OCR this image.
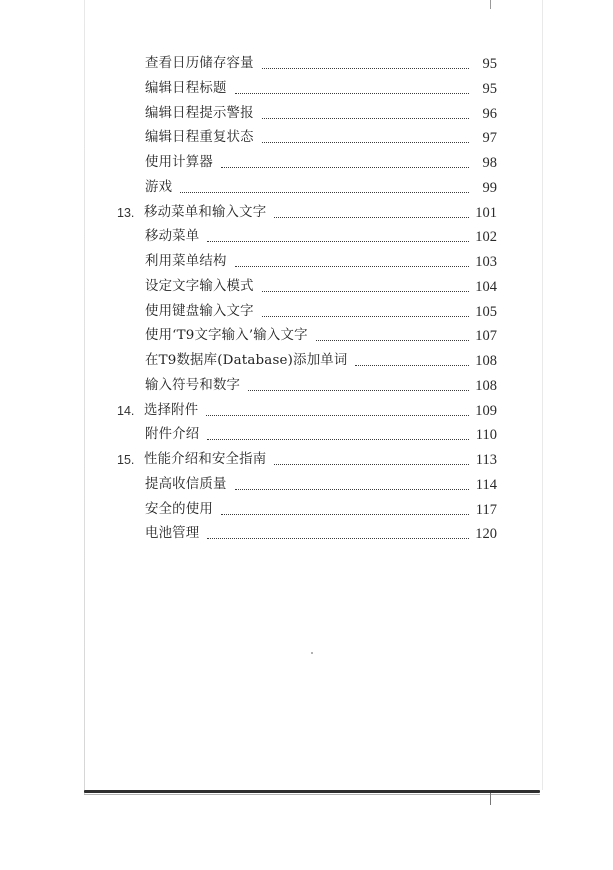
查看日历储存容量	95
编辑日程标题	95
编辑日程提示警报	96
编辑日程重复状态	97
使用计算器	98
游戏	99
13. 移动菜单和输入文字	101
移动菜单	102
利用菜单结构	103
设定文字输入模式	104
使用键盘输入文字	105
使用‘T9文字输入’输入文字	107
在T9数据库(Database)添加单词	108
输入符号和数字	108
14. 选择附件	109
附件介绍	110
15. 性能介绍和安全指南	113
提高收信质量	114
安全的使用	117
电池管理	120
